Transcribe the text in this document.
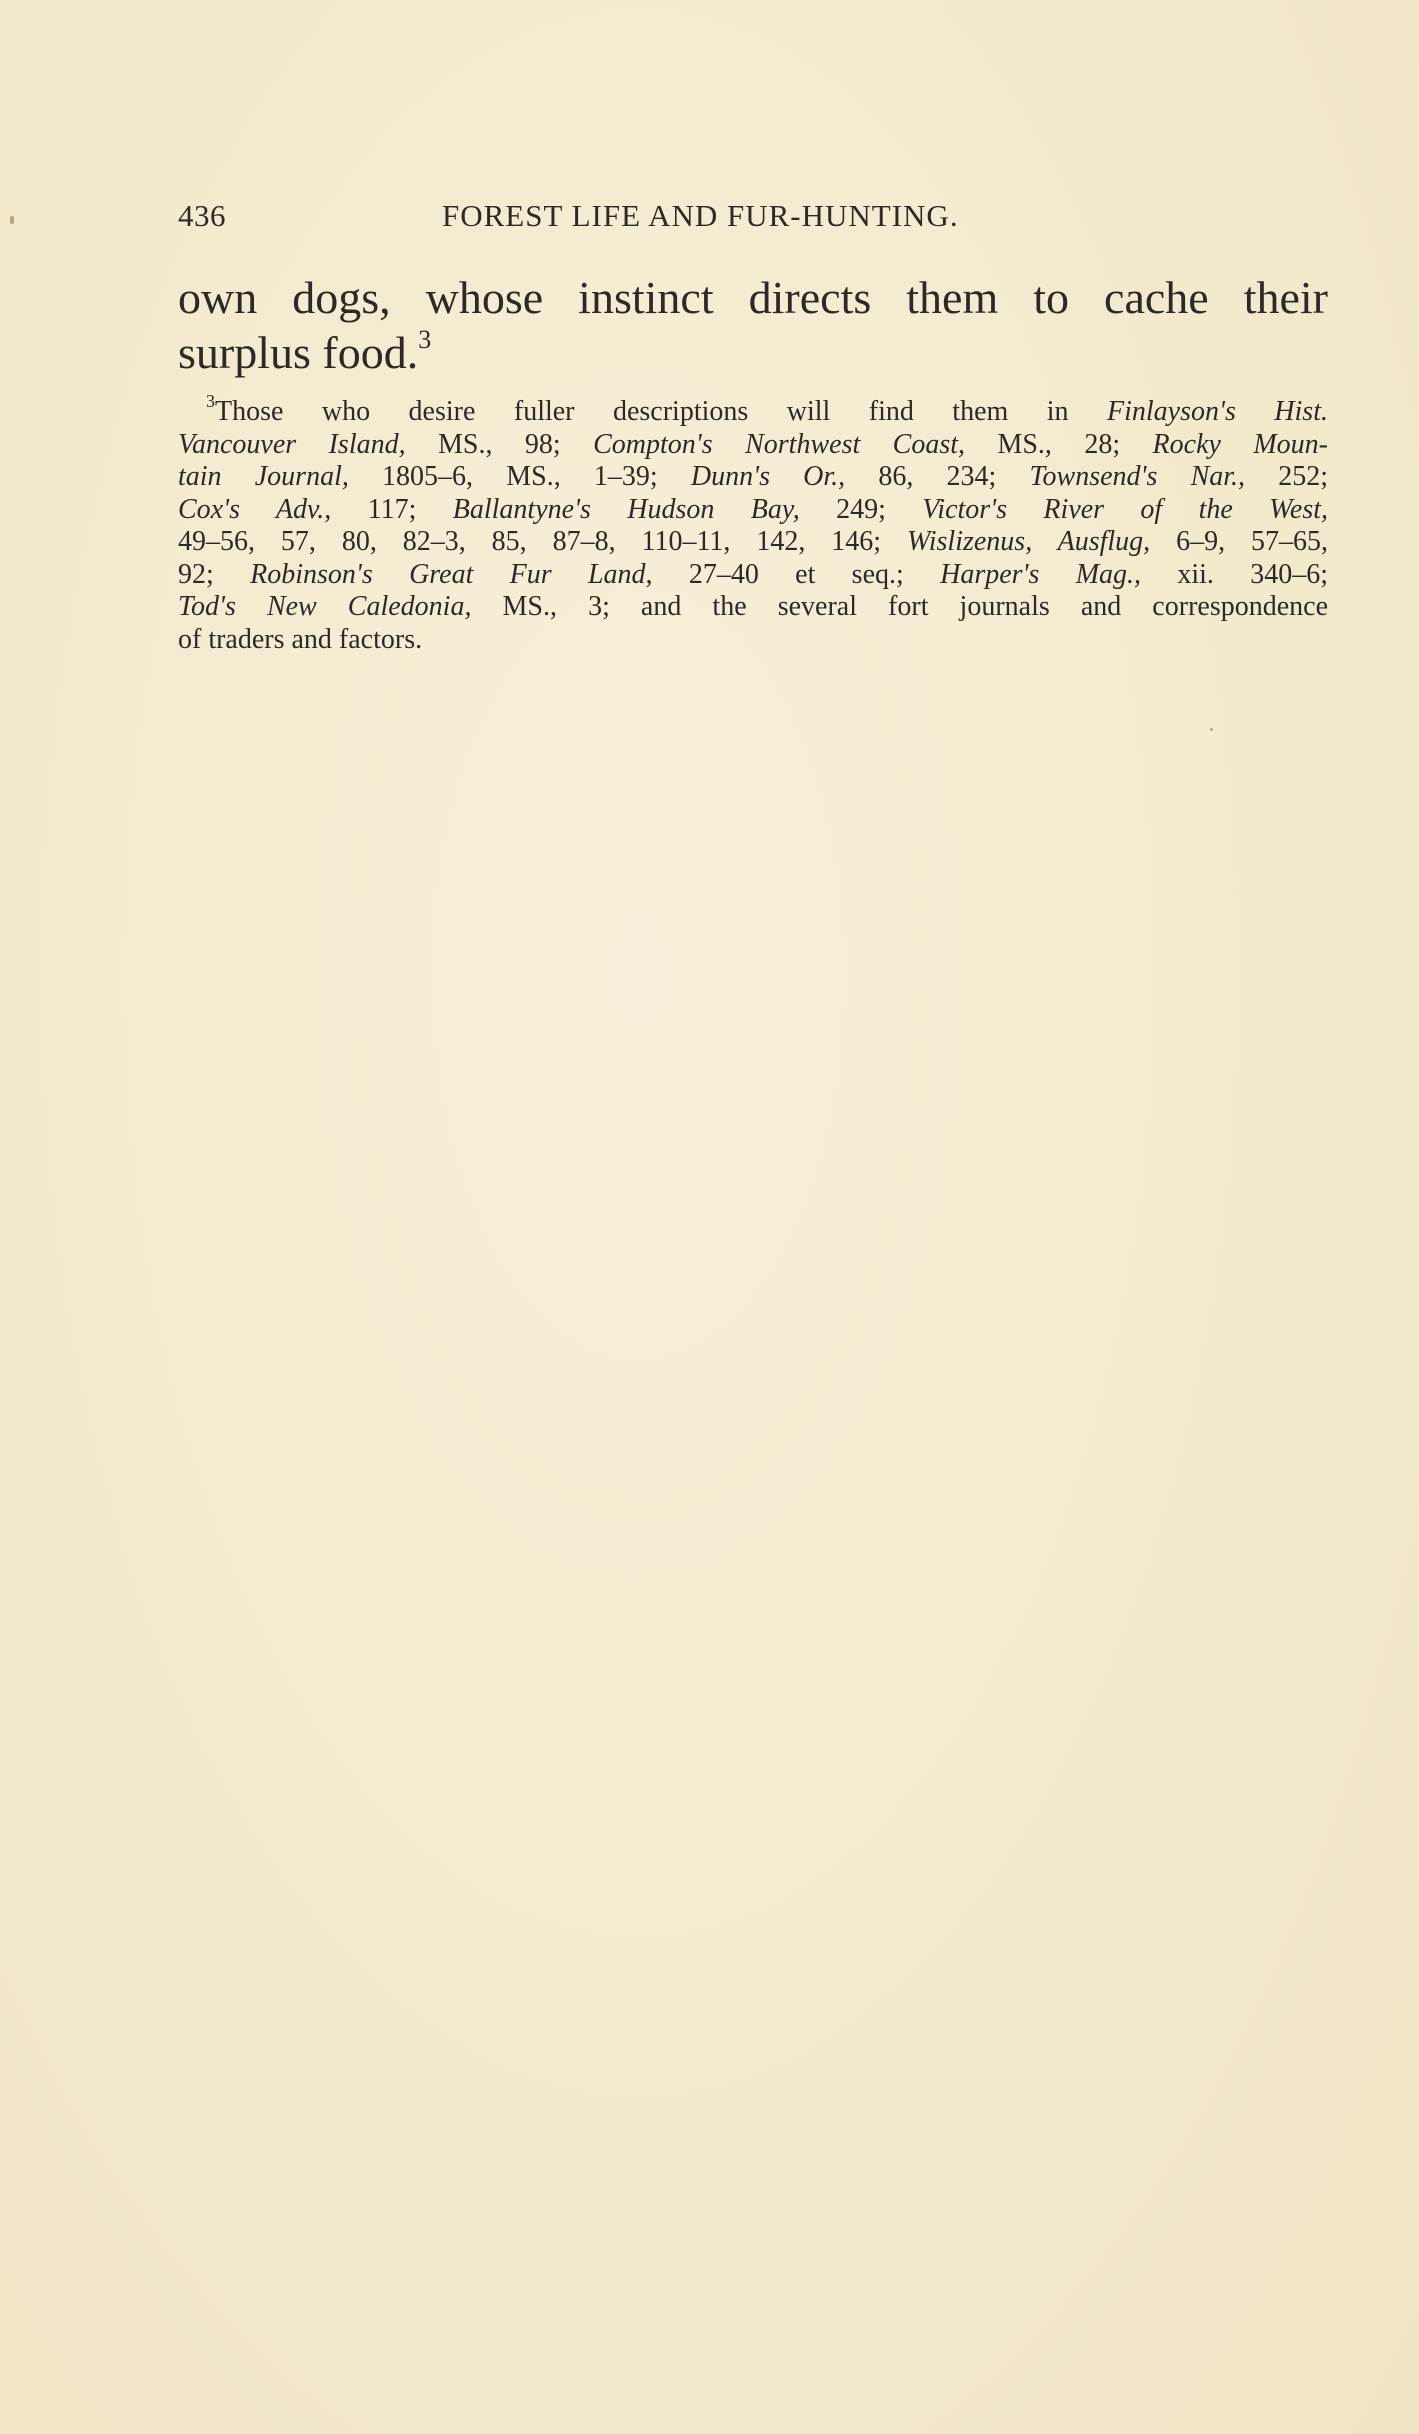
436	FOREST LIFE AND FUR-HUNTING.
own dogs, whose instinct directs them to cache their
surplus food.$^3$
$^3$Those who desire fuller descriptions will find them in Finlayson's Hist.
Vancouver Island, MS., 98; Compton's Northwest Coast, MS., 28; Rocky Moun-
tain Journal, 1805–6, MS., 1–39; Dunn's Or., 86, 234; Townsend's Nar., 252;
Cox's Adv., 117; Ballantyne's Hudson Bay, 249; Victor's River of the West,
49–56, 57, 80, 82–3, 85, 87–8, 110–11, 142, 146; Wislizenus, Ausflug, 6–9, 57–65,
92; Robinson's Great Fur Land, 27–40 et seq.; Harper's Mag., xii. 340–6;
Tod's New Caledonia, MS., 3; and the several fort journals and correspondence
of traders and factors.
